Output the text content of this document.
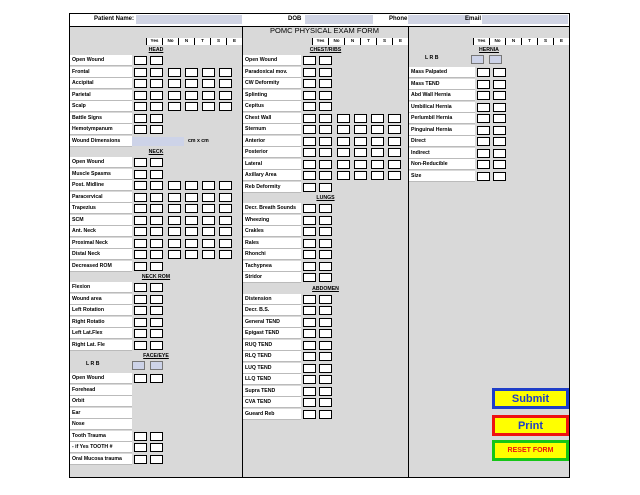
Patient Name:	DOB	Phone	Email
POMC PHYSICAL EXAM FORM
Yes	No	N	T	S	E
HEAD
Open Wound
Frontal
Accipital
Parietal
Scalp
Battle Signs
Hemotympanum
Wound Dimensions	cm x cm
NECK
Open Wound
Muscle Spasms
Post. Midline
Paracervical
Trapezius
SCM
Ant. Neck
Proximal Neck
Distal Neck
Decreased ROM
NECK ROM
Flexion
Wound area
Left Rotation
Right Rotatio
Left Lat.Flex
Right Lat. Fle
FACE/EYE
L R B
Open Wound
Forehead
Orbit
Ear
Nose
Tooth Trauma
- if Yes TOOTH #
Oral Mucosa trauma
Yes	No	N	T	S	E
CHEST/RIBS
Open Wound
Paradoxical mov.
CW Deformity
Splinting
Cepitus
Chest Wall
Sternum
Anterior
Posterior
Lateral
Axillary Area
Reb Deformity
LUNGS
Decr. Breath Sounds
Wheezing
Crakles
Rales
Rhonchi
Tachypnea
Stridor
ABDOMEN
Distension
Decr. B.S.
General TEND
Epigast TEND
RUQ TEND
RLQ TEND
LUQ TEND
LLQ TEND
Supra TEND
CVA TEND
Gueard Reb
Yes	No	N	T	S	E
HERNIA
L R B
Mass Palpated
Mass TEND
Abd Wall Hernia
Umbilical Hernia
Perlumbil Hernia
Pinguinal Hernia
Direct
Indirect
Non-Reducible
Size
Submit
Print
RESET FORM
